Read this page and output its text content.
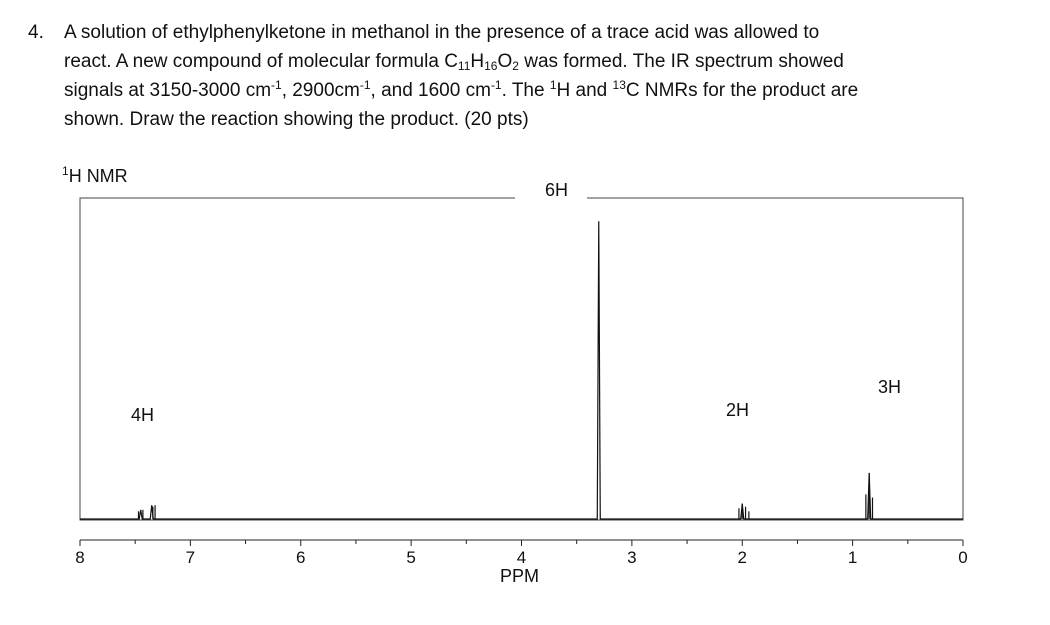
4. A solution of ethylphenylketone in methanol in the presence of a trace acid was allowed to
react. A new compound of molecular formula $C_{11}H_{16}O_2$ was formed. The IR spectrum showed
signals at 3150-3000 $cm^{-1}$, $2900cm^{-1}$, and 1600 $cm^{-1}$. The $^1$H and $^{13}$C NMRs for the product are
shown. Draw the reaction showing the product. (20 pts)
$^1$H NMR
8	7	6	5	4	3	2	1	0
4H
6H
2H
3H
PPM
